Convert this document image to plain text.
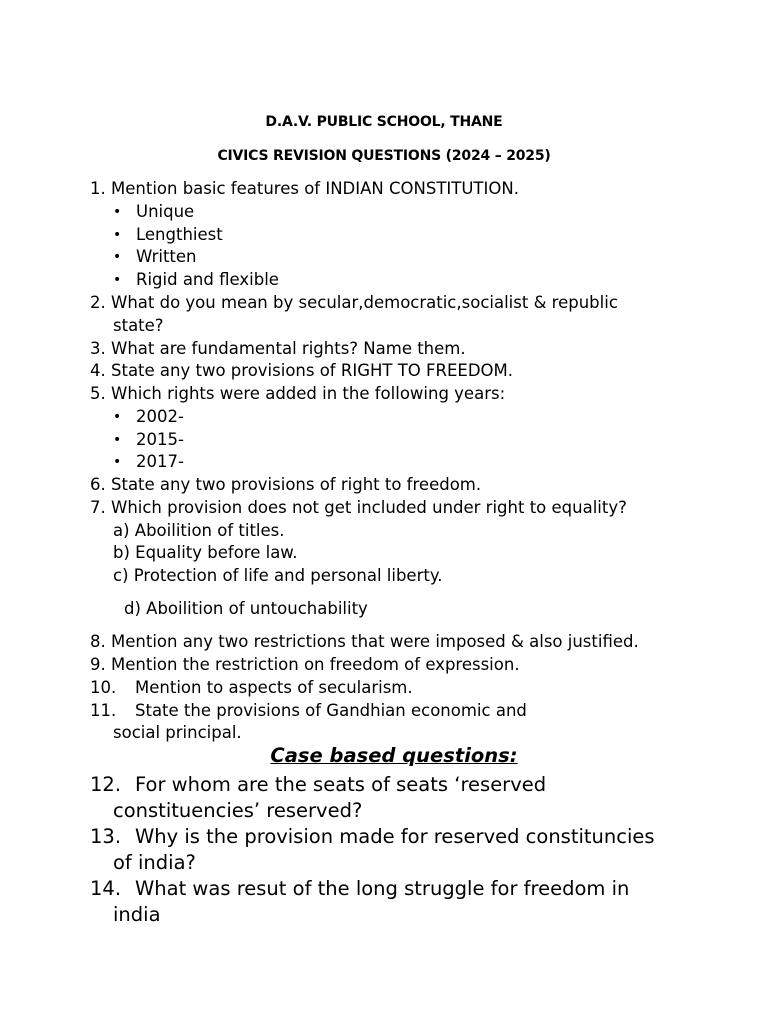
D.A.V. PUBLIC SCHOOL, THANE
CIVICS REVISION QUESTIONS (2024 – 2025)
1. Mention basic features of INDIAN CONSTITUTION.
• Unique
• Lengthiest
• Written
• Rigid and flexible
2. What do you mean by secular,democratic,socialist & republic
state?
3. What are fundamental rights? Name them.
4. State any two provisions of RIGHT TO FREEDOM.
5. Which rights were added in the following years:
• 2002-
• 2015-
• 2017-
6. State any two provisions of right to freedom.
7. Which provision does not get included under right to equality?
a) Aboilition of titles.
b) Equality before law.
c) Protection of life and personal liberty.
d) Aboilition of untouchability
8. Mention any two restrictions that were imposed & also justified.
9. Mention the restriction on freedom of expression.
10. Mention to aspects of secularism.
11. State the provisions of Gandhian economic and
social principal.
Case based questions:
12. For whom are the seats of seats ‘reserved
constituencies’ reserved?
13. Why is the provision made for reserved constituncies
of india?
14. What was resut of the long struggle for freedom in
india
